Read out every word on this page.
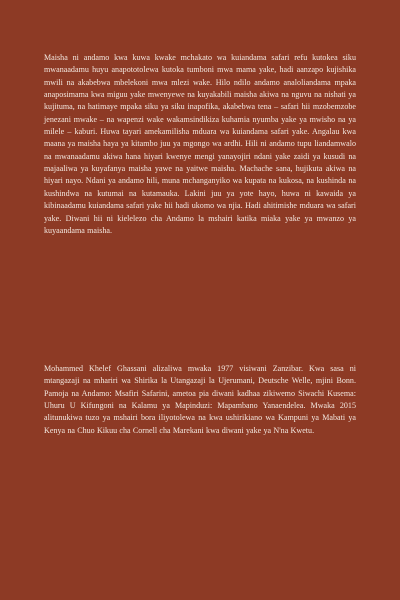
Maisha ni andamo kwa kuwa kwake mchakato wa kuiandama safari refu kutokea siku mwanaadamu huyu anapototolewa kutoka tumboni mwa mama yake, hadi aanzapo kujishika mwili na akabebwa mbelekoni mwa mlezi wake. Hilo ndilo andamo analoliandama mpaka anaposimama kwa miguu yake mwenyewe na kuyakabili maisha akiwa na nguvu na nishati ya kujituma, na hatimaye mpaka siku ya siku inapofika, akabebwa tena – safari hii mzobemzobe jenezani mwake – na wapenzi wake wakamsindikiza kuhamia nyumba yake ya mwisho na ya milele – kaburi. Huwa tayari amekamilisha mduara wa kuiandama safari yake. Angalau kwa maana ya maisha haya ya kitambo juu ya mgongo wa ardhi. Hili ni andamo tupu liandamwalo na mwanaadamu akiwa hana hiyari kwenye mengi yanayojiri ndani yake zaidi ya kusudi na majaaliwa ya kuyafanya maisha yawe na yaitwe maisha. Machache sana, hujikuta akiwa na hiyari nayo. Ndani ya andamo hili, muna mchanganyiko wa kupata na kukosa, na kushinda na kushindwa na kutumai na kutamauka. Lakini juu ya yote hayo, huwa ni kawaida ya kibinaadamu kuiandama safari yake hii hadi ukomo wa njia. Hadi ahitimishe mduara wa safari yake. Diwani hii ni kielelezo cha Andamo la mshairi katika miaka yake ya mwanzo ya kuyaandama maisha.

Mohammed Khelef Ghassani alizaliwa mwaka 1977 visiwani Zanzibar. Kwa sasa ni mtangazaji na mhariri wa Shirika la Utangazaji la Ujerumani, Deutsche Welle, mjini Bonn. Pamoja na Andamo: Msafiri Safarini, ametoa pia diwani kadhaa zikiwemo Siwachi Kusema: Uhuru U Kifungoni na Kalamu ya Mapinduzi: Mapambano Yanaendelea. Mwaka 2015 alitunukiwa tuzo ya mshairi bora iliyotolewa na kwa ushirikiano wa Kampuni ya Mabati ya Kenya na Chuo Kikuu cha Cornell cha Marekani kwa diwani yake ya N'na Kwetu.
